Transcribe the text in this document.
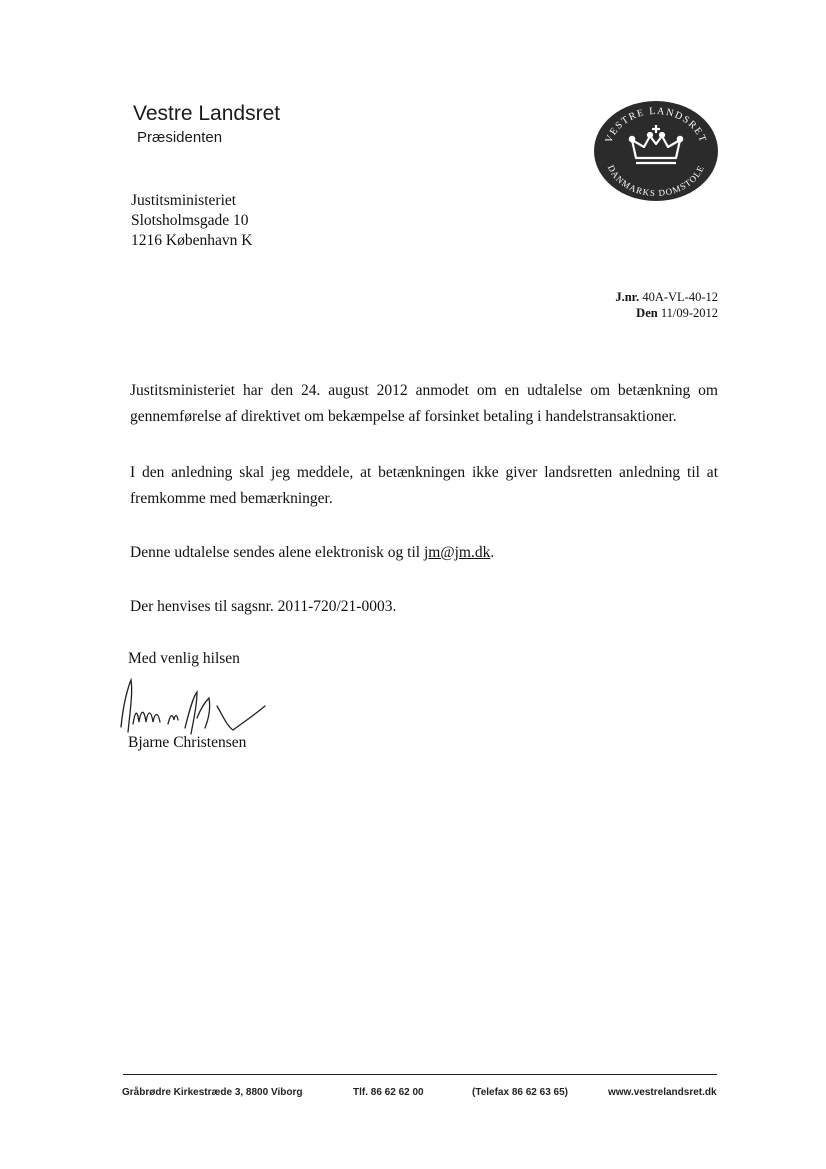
Vestre Landsret
Præsidenten	VESTRE LANDSRET
DANMARKS DOMSTOLE
Justitsministeriet
Slotsholmsgade 10
1216 København K
J.nr. 40A-VL-40-12
Den 11/09-2012
Justitsministeriet har den 24. august 2012 anmodet om en udtalelse om betænkning om gennemførelse af direktivet om bekæmpelse af forsinket betaling i handelstransaktioner.
I den anledning skal jeg meddele, at betænkningen ikke giver landsretten anledning til at fremkomme med bemærkninger.
Denne udtalelse sendes alene elektronisk og til jm@jm.dk.
Der henvises til sagsnr. 2011-720/21-0003.
Med venlig hilsen
Bjarne Christensen
Gråbrødre Kirkestræde 3, 8800 Viborg	Tlf. 86 62 62 00	(Telefax 86 62 63 65)	www.vestrelandsret.dk
